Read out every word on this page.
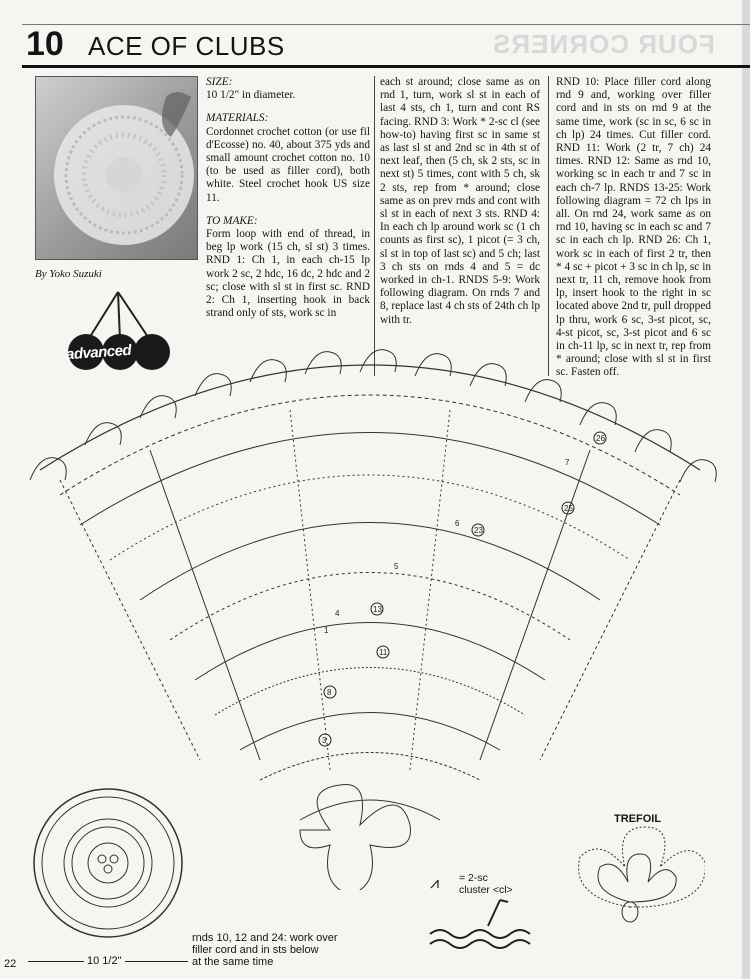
FOUR CORNERS
10 ACE OF CLUBS
By Yoko Suzuki
advanced

SIZE:

10 1/2" in diameter.

MATERIALS:

Cordonnet crochet cotton (or use fil d'Ecosse) no. 40, about 375 yds and small amount crochet cotton no. 10 (to be used as filler cord), both white. Steel crochet hook US size 11.

TO MAKE:

Form loop with end of thread, in beg lp work (15 ch, sl st) 3 times. RND 1: Ch 1, in each ch-15 lp work 2 sc, 2 hdc, 16 dc, 2 hdc and 2 sc; close with sl st in first sc. RND 2: Ch 1, inserting hook in back strand only of sts, work sc in

each st around; close same as on rnd 1, turn, work sl st in each of last 4 sts, ch 1, turn and cont RS facing. RND 3: Work * 2-sc cl (see how-to) having first sc in same st as last sl st and 2nd sc in 4th st of next leaf, then (5 ch, sk 2 sts, sc in next st) 5 times, cont with 5 ch, sk 2 sts, rep from * around; close same as on prev rnds and cont with sl st in each of next 3 sts. RND 4: In each ch lp around work sc (1 ch counts as first sc), 1 picot (= 3 ch, sl st in top of last sc) and 5 ch; last 3 ch sts on rnds 4 and 5 = dc worked in ch-1. RNDS 5-9: Work following diagram. On rnds 7 and 8, replace last 4 ch sts of 24th ch lp with tr.

RND 10: Place filler cord along rnd 9 and, working over filler cord and in sts on rnd 9 at the same time, work (sc in sc, 6 sc in ch lp) 24 times. Cut filler cord. RND 11: Work (2 tr, 7 ch) 24 times. RND 12: Same as rnd 10, working sc in each tr and 7 sc in each ch-7 lp. RNDS 13-25: Work following diagram = 72 ch lps in all. On rnd 24, work same as on rnd 10, having sc in each sc and 7 sc in each ch lp. RND 26: Ch 1, work sc in each of first 2 tr, then * 4 sc + picot + 3 sc in ch lp, sc in next tr, 11 ch, remove hook from lp, insert hook to the right in sc located above 2nd tr, pull dropped lp thru, work 6 sc, 3-st picot, sc, 4-st picot, sc, 3-st picot and 6 sc in ch-11 lp, sc in next tr, rep from * around; close with sl st in first sc. Fasten off.

26
25
23
13
11
8
3
7
6
5
4
1
TREFOIL
⩘ = 2-sc
cluster <cl>
rnds 10, 12 and 24: work over
filler cord and in sts below
at the same time
22	10 1/2"
